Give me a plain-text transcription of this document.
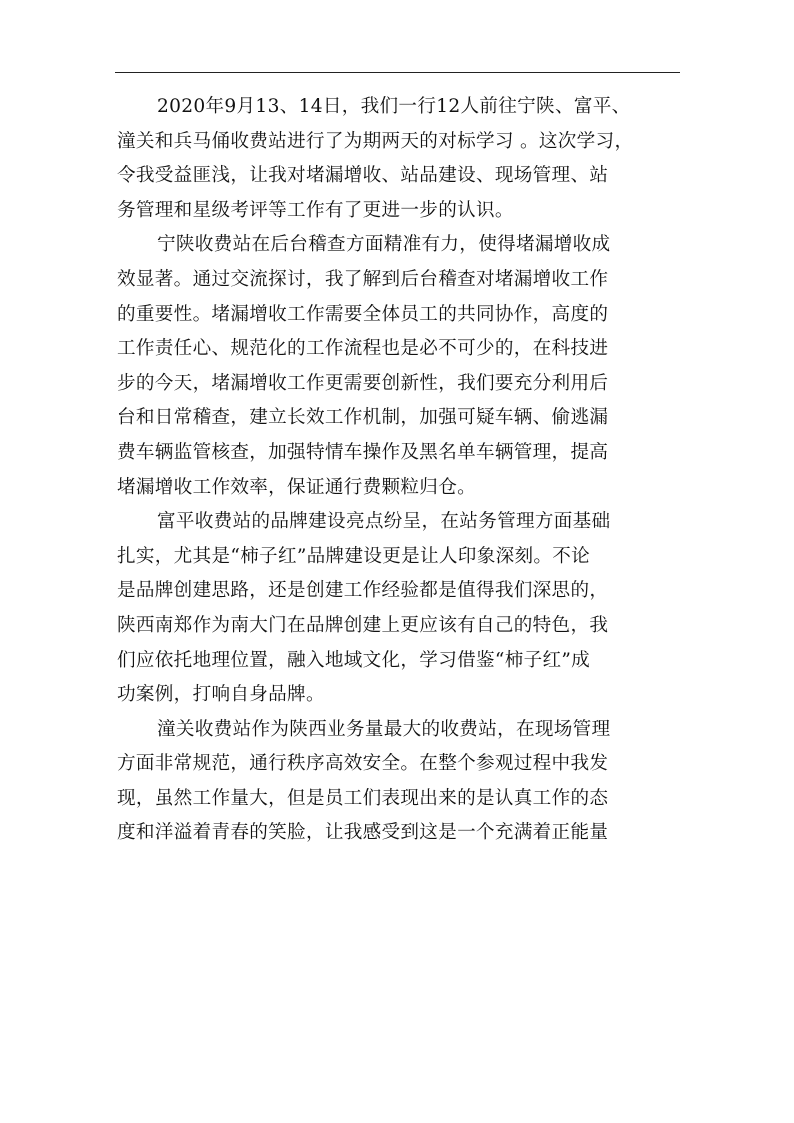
2020年9月13、14日，我们一行12人前往宁陕、富平、
潼关和兵马俑收费站进行了为期两天的对标学习 。这次学习，
令我受益匪浅，让我对堵漏增收、站品建设、现场管理、站
务管理和星级考评等工作有了更进一步的认识。
宁陕收费站在后台稽查方面精准有力，使得堵漏增收成
效显著。通过交流探讨，我了解到后台稽查对堵漏增收工作
的重要性。堵漏增收工作需要全体员工的共同协作，高度的
工作责任心、规范化的工作流程也是必不可少的，在科技进
步的今天，堵漏增收工作更需要创新性，我们要充分利用后
台和日常稽查，建立长效工作机制，加强可疑车辆、偷逃漏
费车辆监管核查，加强特情车操作及黑名单车辆管理，提高
堵漏增收工作效率，保证通行费颗粒归仓。
富平收费站的品牌建设亮点纷呈，在站务管理方面基础
扎实，尤其是“柿子红”品牌建设更是让人印象深刻。不论
是品牌创建思路，还是创建工作经验都是值得我们深思的，
陕西南郑作为南大门在品牌创建上更应该有自己的特色，我
们应依托地理位置，融入地域文化，学习借鉴“柿子红”成
功案例，打响自身品牌。
潼关收费站作为陕西业务量最大的收费站，在现场管理
方面非常规范，通行秩序高效安全。在整个参观过程中我发
现，虽然工作量大，但是员工们表现出来的是认真工作的态
度和洋溢着青春的笑脸，让我感受到这是一个充满着正能量
